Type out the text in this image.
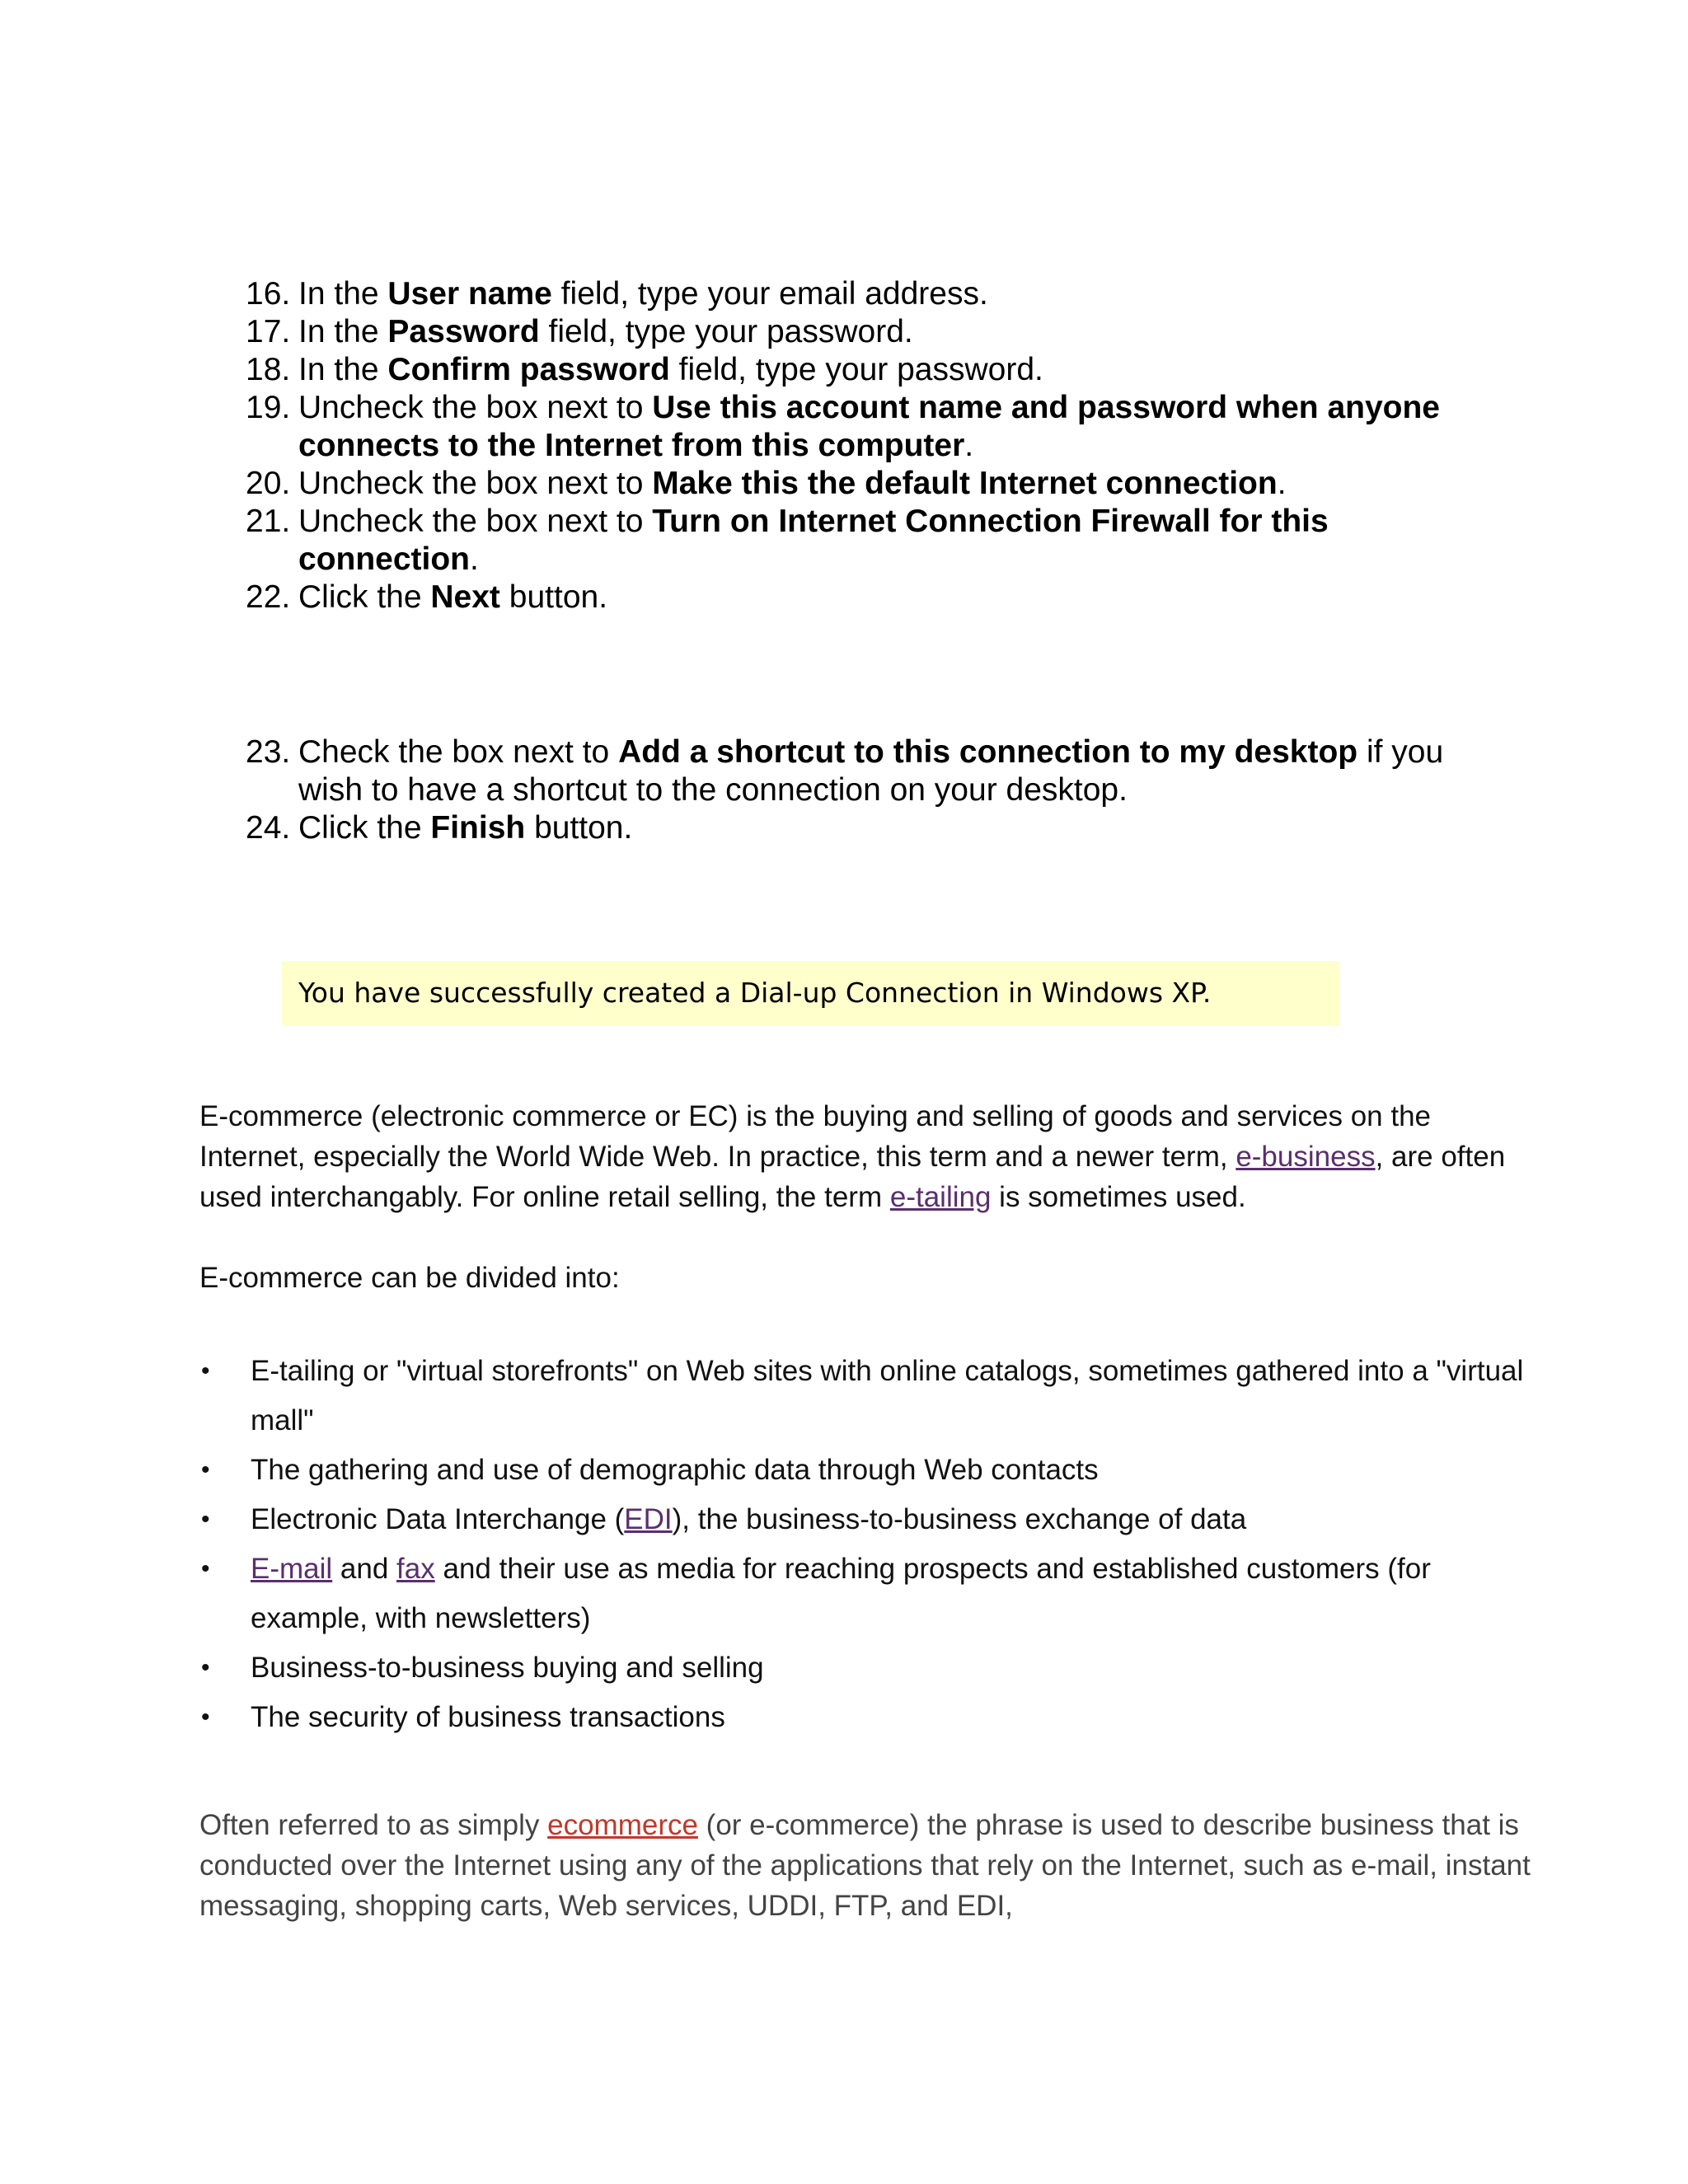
16. In the User name field, type your email address.
17. In the Password field, type your password.
18. In the Confirm password field, type your password.
19. Uncheck the box next to Use this account name and password when anyone connects to the Internet from this computer.
20. Uncheck the box next to Make this the default Internet connection.
21. Uncheck the box next to Turn on Internet Connection Firewall for this connection.
22. Click the Next button.
23. Check the box next to Add a shortcut to this connection to my desktop if you wish to have a shortcut to the connection on your desktop.
24. Click the Finish button.
You have successfully created a Dial-up Connection in Windows XP.

E-commerce (electronic commerce or EC) is the buying and selling of goods and services on the Internet, especially the World Wide Web. In practice, this term and a newer term, e-business, are often used interchangably. For online retail selling, the term e-tailing is sometimes used.

E-commerce can be divided into:

• E-tailing or "virtual storefronts" on Web sites with online catalogs, sometimes gathered into a "virtual mall"
• The gathering and use of demographic data through Web contacts
• Electronic Data Interchange (EDI), the business-to-business exchange of data
• E-mail and fax and their use as media for reaching prospects and established customers (for example, with newsletters)
• Business-to-business buying and selling
• The security of business transactions

Often referred to as simply ecommerce (or e-commerce) the phrase is used to describe business that is conducted over the Internet using any of the applications that rely on the Internet, such as e-mail, instant messaging, shopping carts, Web services, UDDI, FTP, and EDI,
